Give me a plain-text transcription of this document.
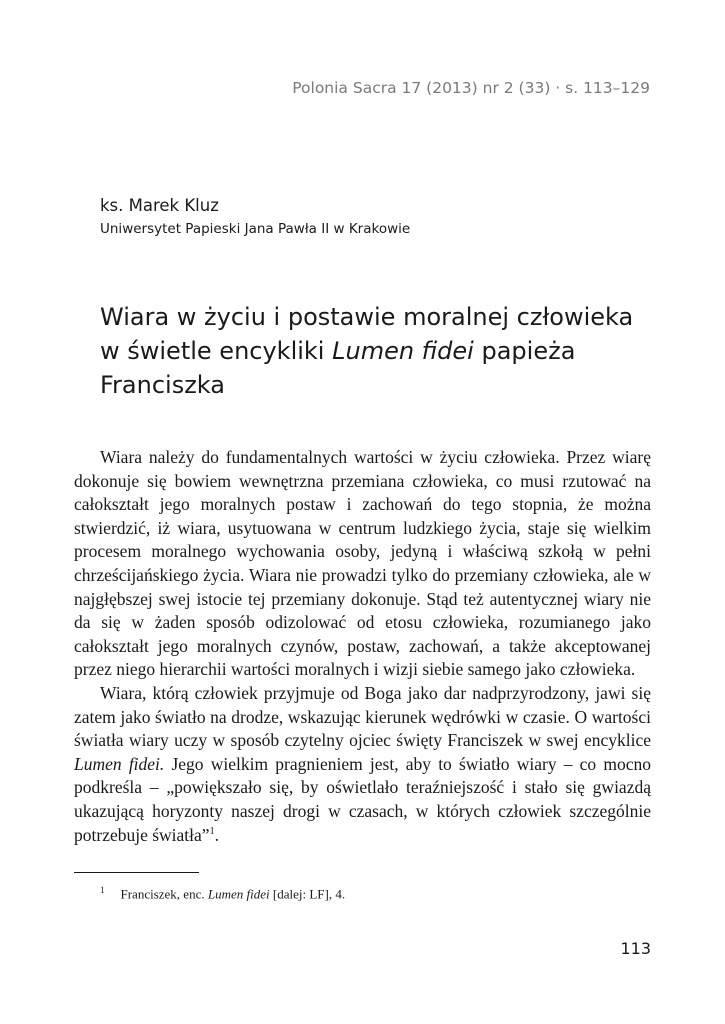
Polonia Sacra 17 (2013) nr 2 (33) · s. 113–129
ks. Marek Kluz
Uniwersytet Papieski Jana Pawła II w Krakowie
Wiara w życiu i postawie moralnej człowieka
w świetle encykliki Lumen fidei papieża
Franciszka

Wiara należy do fundamentalnych wartości w życiu człowieka. Przez wiarę dokonuje się bowiem wewnętrzna przemiana człowieka, co musi rzutować na całokształt jego moralnych postaw i zachowań do tego stopnia, że można stwierdzić, iż wiara, usytuowana w centrum ludzkiego życia, staje się wielkim procesem moralnego wychowania osoby, jedyną i właściwą szkołą w pełni chrześcijańskiego życia. Wiara nie prowadzi tylko do przemiany człowieka, ale w najgłębszej swej istocie tej przemiany dokonuje. Stąd też autentycznej wiary nie da się w żaden sposób odizolować od etosu człowieka, rozumianego jako całokształt jego moralnych czynów, postaw, zachowań, a także akceptowanej przez niego hierarchii wartości moralnych i wizji siebie samego jako człowieka.

Wiara, którą człowiek przyjmuje od Boga jako dar nadprzyrodzony, jawi się zatem jako światło na drodze, wskazując kierunek wędrówki w czasie. O wartości światła wiary uczy w sposób czytelny ojciec święty Franciszek w swej encyklice Lumen fidei. Jego wielkim pragnieniem jest, aby to światło wiary – co mocno podkreśla – „powiększało się, by oświetlało teraźniejszość i stało się gwiazdą ukazującą horyzonty naszej drogi w czasach, w których człowiek szczególnie potrzebuje światła”$^1$.

$^1$ Franciszek, enc. Lumen fidei [dalej: LF], 4.
113
